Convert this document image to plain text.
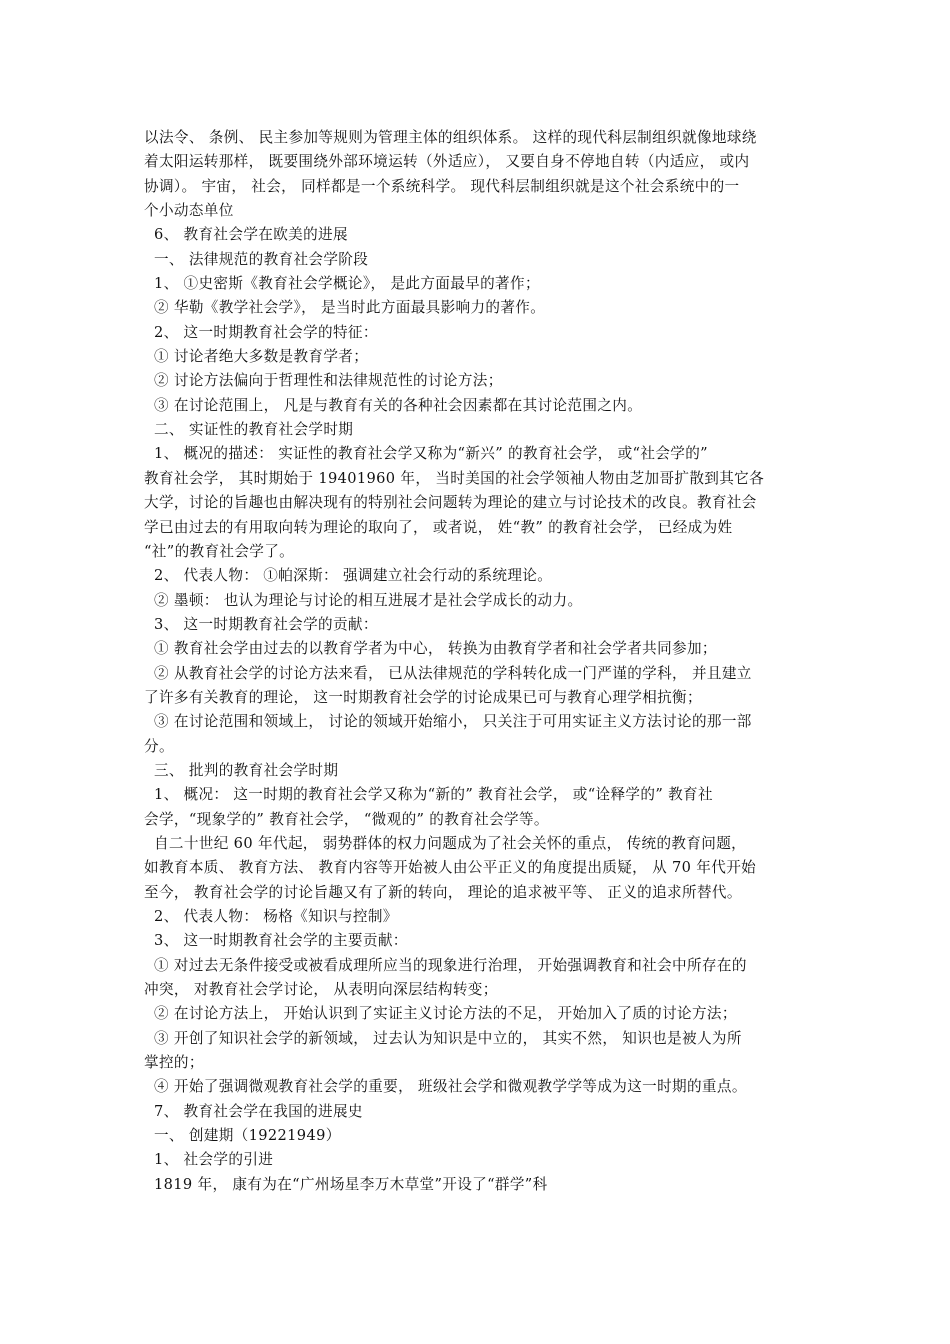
以法令、 条例、 民主参加等规则为管理主体的组织体系。 这样的现代科层制组织就像地球绕
着太阳运转那样， 既要围绕外部环境运转（外适应）， 又要自身不停地自转（内适应， 或内
协调）。 宇宙， 社会， 同样都是一个系统科学。 现代科层制组织就是这个社会系统中的一
个小动态单位
6、 教育社会学在欧美的进展
一、 法律规范的教育社会学阶段
1、 ①史密斯《教育社会学概论》， 是此方面最早的著作；
② 华勒《教学社会学》， 是当时此方面最具影响力的著作。
2、 这一时期教育社会学的特征：
① 讨论者绝大多数是教育学者；
② 讨论方法偏向于哲理性和法律规范性的讨论方法；
③ 在讨论范围上， 凡是与教育有关的各种社会因素都在其讨论范围之内。
二、 实证性的教育社会学时期
1、 概况的描述： 实证性的教育社会学又称为“新兴” 的教育社会学， 或“社会学的”
教育社会学， 其时期始于 19401960 年， 当时美国的社会学领袖人物由芝加哥扩散到其它各
大学，讨论的旨趣也由解决现有的特别社会问题转为理论的建立与讨论技术的改良。教育社会
学已由过去的有用取向转为理论的取向了， 或者说， 姓“教” 的教育社会学， 已经成为姓
“社”的教育社会学了。
2、 代表人物： ①帕深斯： 强调建立社会行动的系统理论。
② 墨顿： 也认为理论与讨论的相互进展才是社会学成长的动力。
3、 这一时期教育社会学的贡献：
① 教育社会学由过去的以教育学者为中心， 转换为由教育学者和社会学者共同参加；
② 从教育社会学的讨论方法来看， 已从法律规范的学科转化成一门严谨的学科， 并且建立
了许多有关教育的理论， 这一时期教育社会学的讨论成果已可与教育心理学相抗衡；
③ 在讨论范围和领域上， 讨论的领域开始缩小， 只关注于可用实证主义方法讨论的那一部
分。
三、 批判的教育社会学时期
1、 概况： 这一时期的教育社会学又称为“新的” 教育社会学， 或“诠释学的” 教育社
会学，“现象学的” 教育社会学， “微观的” 的教育社会学等。
自二十世纪 60 年代起， 弱势群体的权力问题成为了社会关怀的重点， 传统的教育问题，
如教育本质、 教育方法、 教育内容等开始被人由公平正义的角度提出质疑， 从 70 年代开始
至今， 教育社会学的讨论旨趣又有了新的转向， 理论的追求被平等、 正义的追求所替代。
2、 代表人物： 杨格《知识与控制》
3、 这一时期教育社会学的主要贡献：
① 对过去无条件接受或被看成理所应当的现象进行治理， 开始强调教育和社会中所存在的
冲突， 对教育社会学讨论， 从表明向深层结构转变；
② 在讨论方法上， 开始认识到了实证主义讨论方法的不足， 开始加入了质的讨论方法；
③ 开创了知识社会学的新领域， 过去认为知识是中立的， 其实不然， 知识也是被人为所
掌控的；
④ 开始了强调微观教育社会学的重要， 班级社会学和微观教学学等成为这一时期的重点。
7、 教育社会学在我国的进展史
一、 创建期（19221949）
1、 社会学的引进
1819 年， 康有为在“广州场星李万木草堂”开设了“群学”科
